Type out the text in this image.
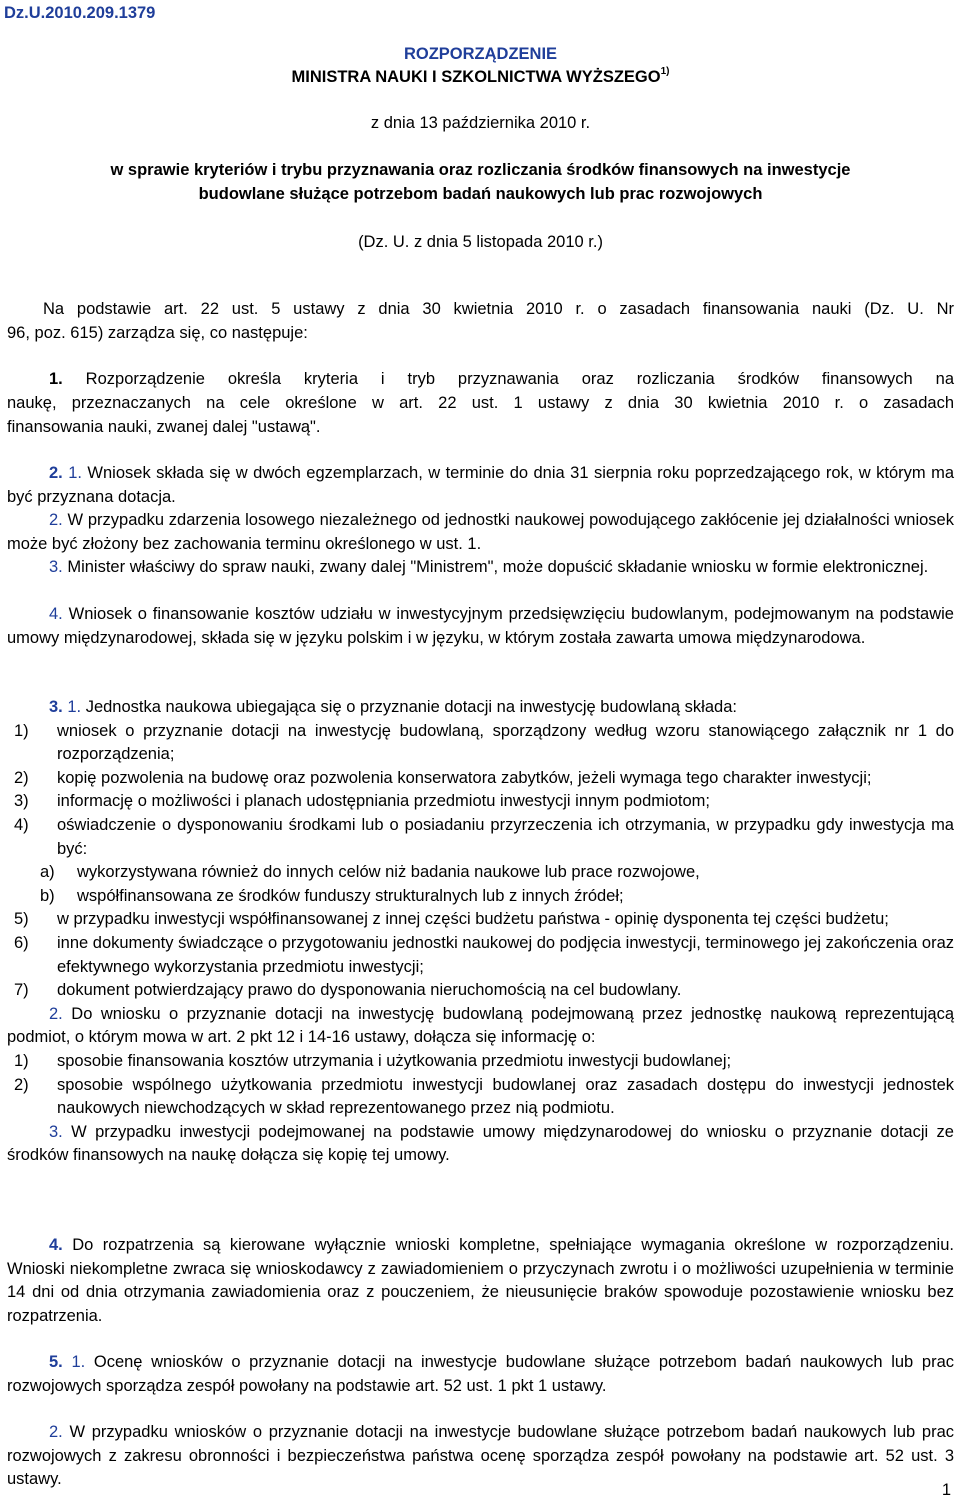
Dz.U.2010.209.1379
ROZPORZĄDZENIE
MINISTRA NAUKI I SZKOLNICTWA WYŻSZEGO$^{1)}$
z dnia 13 października 2010 r.
w sprawie kryteriów i trybu przyznawania oraz rozliczania środków finansowych na inwestycje
budowlane służące potrzebom badań naukowych lub prac rozwojowych
(Dz. U. z dnia 5 listopada 2010 r.)
Na podstawie art. 22 ust. 5 ustawy z dnia 30 kwietnia 2010 r. o zasadach finansowania nauki (Dz. U. Nr
96, poz. 615) zarządza się, co następuje:
1. Rozporządzenie określa kryteria i tryb przyznawania oraz rozliczania środków finansowych na
naukę, przeznaczanych na cele określone w art. 22 ust. 1 ustawy z dnia 30 kwietnia 2010 r. o zasadach
finansowania nauki, zwanej dalej "ustawą".
2. 1. Wniosek składa się w dwóch egzemplarzach, w terminie do dnia 31 sierpnia roku poprzedzającego rok, w którym ma być przyznana dotacja.
2. W przypadku zdarzenia losowego niezależnego od jednostki naukowej powodującego zakłócenie jej działalności wniosek może być złożony bez zachowania terminu określonego w ust. 1.
3. Minister właściwy do spraw nauki, zwany dalej "Ministrem", może dopuścić składanie wniosku w formie elektronicznej.
4. Wniosek o finansowanie kosztów udziału w inwestycyjnym przedsięwzięciu budowlanym, podejmowanym na podstawie umowy międzynarodowej, składa się w języku polskim i w języku, w którym została zawarta umowa międzynarodowa.
3. 1. Jednostka naukowa ubiegająca się o przyznanie dotacji na inwestycję budowlaną składa:
1) wniosek o przyznanie dotacji na inwestycję budowlaną, sporządzony według wzoru stanowiącego załącznik nr 1 do rozporządzenia;
2) kopię pozwolenia na budowę oraz pozwolenia konserwatora zabytków, jeżeli wymaga tego charakter inwestycji;
3) informację o możliwości i planach udostępniania przedmiotu inwestycji innym podmiotom;
4) oświadczenie o dysponowaniu środkami lub o posiadaniu przyrzeczenia ich otrzymania, w przypadku gdy inwestycja ma być:
a) wykorzystywana również do innych celów niż badania naukowe lub prace rozwojowe,
b) współfinansowana ze środków funduszy strukturalnych lub z innych źródeł;
5) w przypadku inwestycji współfinansowanej z innej części budżetu państwa - opinię dysponenta tej części budżetu;
6) inne dokumenty świadczące o przygotowaniu jednostki naukowej do podjęcia inwestycji, terminowego jej zakończenia oraz efektywnego wykorzystania przedmiotu inwestycji;
7) dokument potwierdzający prawo do dysponowania nieruchomością na cel budowlany.
2. Do wniosku o przyznanie dotacji na inwestycję budowlaną podejmowaną przez jednostkę naukową reprezentującą podmiot, o którym mowa w art. 2 pkt 12 i 14-16 ustawy, dołącza się informację o:
1) sposobie finansowania kosztów utrzymania i użytkowania przedmiotu inwestycji budowlanej;
2) sposobie wspólnego użytkowania przedmiotu inwestycji budowlanej oraz zasadach dostępu do inwestycji jednostek naukowych niewchodzących w skład reprezentowanego przez nią podmiotu.
3. W przypadku inwestycji podejmowanej na podstawie umowy międzynarodowej do wniosku o przyznanie dotacji ze środków finansowych na naukę dołącza się kopię tej umowy.
4. Do rozpatrzenia są kierowane wyłącznie wnioski kompletne, spełniające wymagania określone w rozporządzeniu. Wnioski niekompletne zwraca się wnioskodawcy z zawiadomieniem o przyczynach zwrotu i o możliwości uzupełnienia w terminie 14 dni od dnia otrzymania zawiadomienia oraz z pouczeniem, że nieusunięcie braków spowoduje pozostawienie wniosku bez rozpatrzenia.
5. 1. Ocenę wniosków o przyznanie dotacji na inwestycje budowlane służące potrzebom badań naukowych lub prac rozwojowych sporządza zespół powołany na podstawie art. 52 ust. 1 pkt 1 ustawy.
2. W przypadku wniosków o przyznanie dotacji na inwestycje budowlane służące potrzebom badań naukowych lub prac rozwojowych z zakresu obronności i bezpieczeństwa państwa ocenę sporządza zespół powołany na podstawie art. 52 ust. 3 ustawy.
1
